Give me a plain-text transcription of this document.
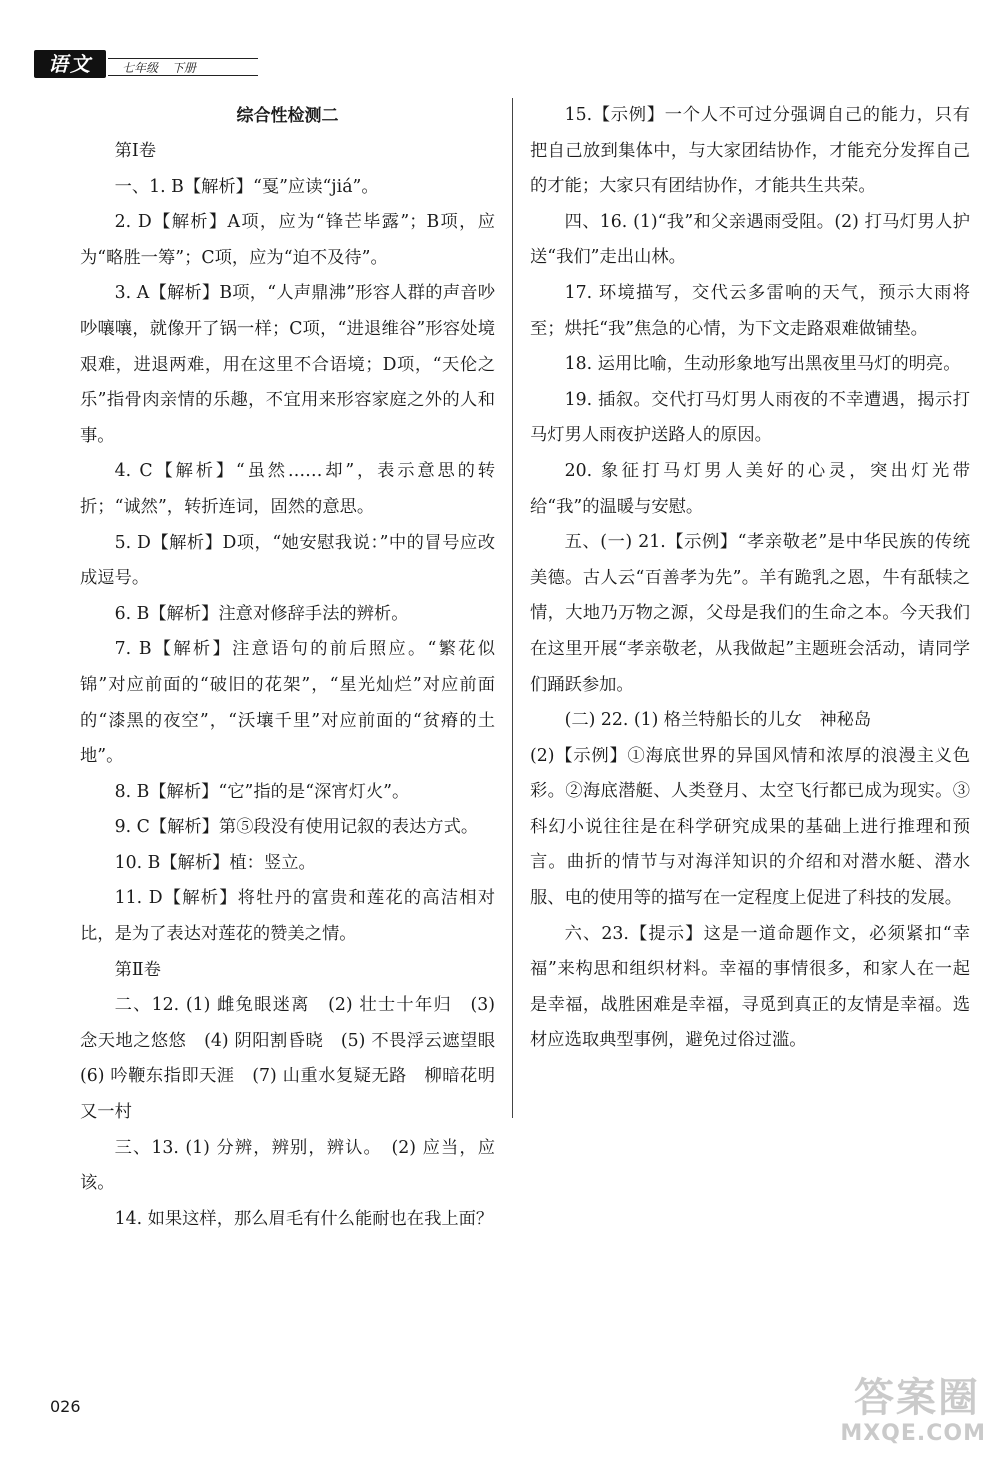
语文	七年级 下册
综合性检测二

第Ⅰ卷

一、1. B【解析】“戛”应读“jiá”。

2. D【解析】A项，应为“锋芒毕露”；B项，应为“略胜一筹”；C项，应为“迫不及待”。

3. A【解析】B项，“人声鼎沸”形容人群的声音吵吵嚷嚷，就像开了锅一样；C项，“进退维谷”形容处境艰难，进退两难，用在这里不合语境；D项，“天伦之乐”指骨肉亲情的乐趣，不宜用来形容家庭之外的人和事。

4. C【解析】“虽然……却”，表示意思的转折；“诚然”，转折连词，固然的意思。

5. D【解析】D项，“她安慰我说：”中的冒号应改成逗号。

6. B【解析】注意对修辞手法的辨析。

7. B【解析】注意语句的前后照应。“繁花似锦”对应前面的“破旧的花架”，“星光灿烂”对应前面的“漆黑的夜空”，“沃壤千里”对应前面的“贫瘠的土地”。

8. B【解析】“它”指的是“深宵灯火”。

9. C【解析】第⑤段没有使用记叙的表达方式。

10. B【解析】植：竖立。

11. D【解析】将牡丹的富贵和莲花的高洁相对比，是为了表达对莲花的赞美之情。

第Ⅱ卷

二、12. (1) 雌兔眼迷离　(2) 壮士十年归　(3) 念天地之悠悠　(4) 阴阳割昏晓　(5) 不畏浮云遮望眼　(6) 吟鞭东指即天涯　(7) 山重水复疑无路　柳暗花明又一村

三、13. (1) 分辨，辨别，辨认。　(2) 应当，应该。

14. 如果这样，那么眉毛有什么能耐也在我上面？

15.【示例】一个人不可过分强调自己的能力，只有把自己放到集体中，与大家团结协作，才能充分发挥自己的才能；大家只有团结协作，才能共生共荣。

四、16. (1)“我”和父亲遇雨受阻。(2) 打马灯男人护送“我们”走出山林。

17. 环境描写，交代云多雷响的天气，预示大雨将至；烘托“我”焦急的心情，为下文走路艰难做铺垫。

18. 运用比喻，生动形象地写出黑夜里马灯的明亮。

19. 插叙。交代打马灯男人雨夜的不幸遭遇，揭示打马灯男人雨夜护送路人的原因。

20. 象征打马灯男人美好的心灵，突出灯光带给“我”的温暖与安慰。

五、(一) 21.【示例】“孝亲敬老”是中华民族的传统美德。古人云“百善孝为先”。羊有跪乳之恩，牛有舐犊之情，大地乃万物之源，父母是我们的生命之本。今天我们在这里开展“孝亲敬老，从我做起”主题班会活动，请同学们踊跃参加。

(二) 22. (1) 格兰特船长的儿女　神秘岛

(2)【示例】①海底世界的异国风情和浓厚的浪漫主义色彩。②海底潜艇、人类登月、太空飞行都已成为现实。③科幻小说往往是在科学研究成果的基础上进行推理和预言。曲折的情节与对海洋知识的介绍和对潜水艇、潜水服、电的使用等的描写在一定程度上促进了科技的发展。

六、23.【提示】这是一道命题作文，必须紧扣“幸福”来构思和组织材料。幸福的事情很多，和家人在一起是幸福，战胜困难是幸福，寻觅到真正的友情是幸福。选材应选取典型事例，避免过俗过滥。

026	答案圈
MXQE.COM
